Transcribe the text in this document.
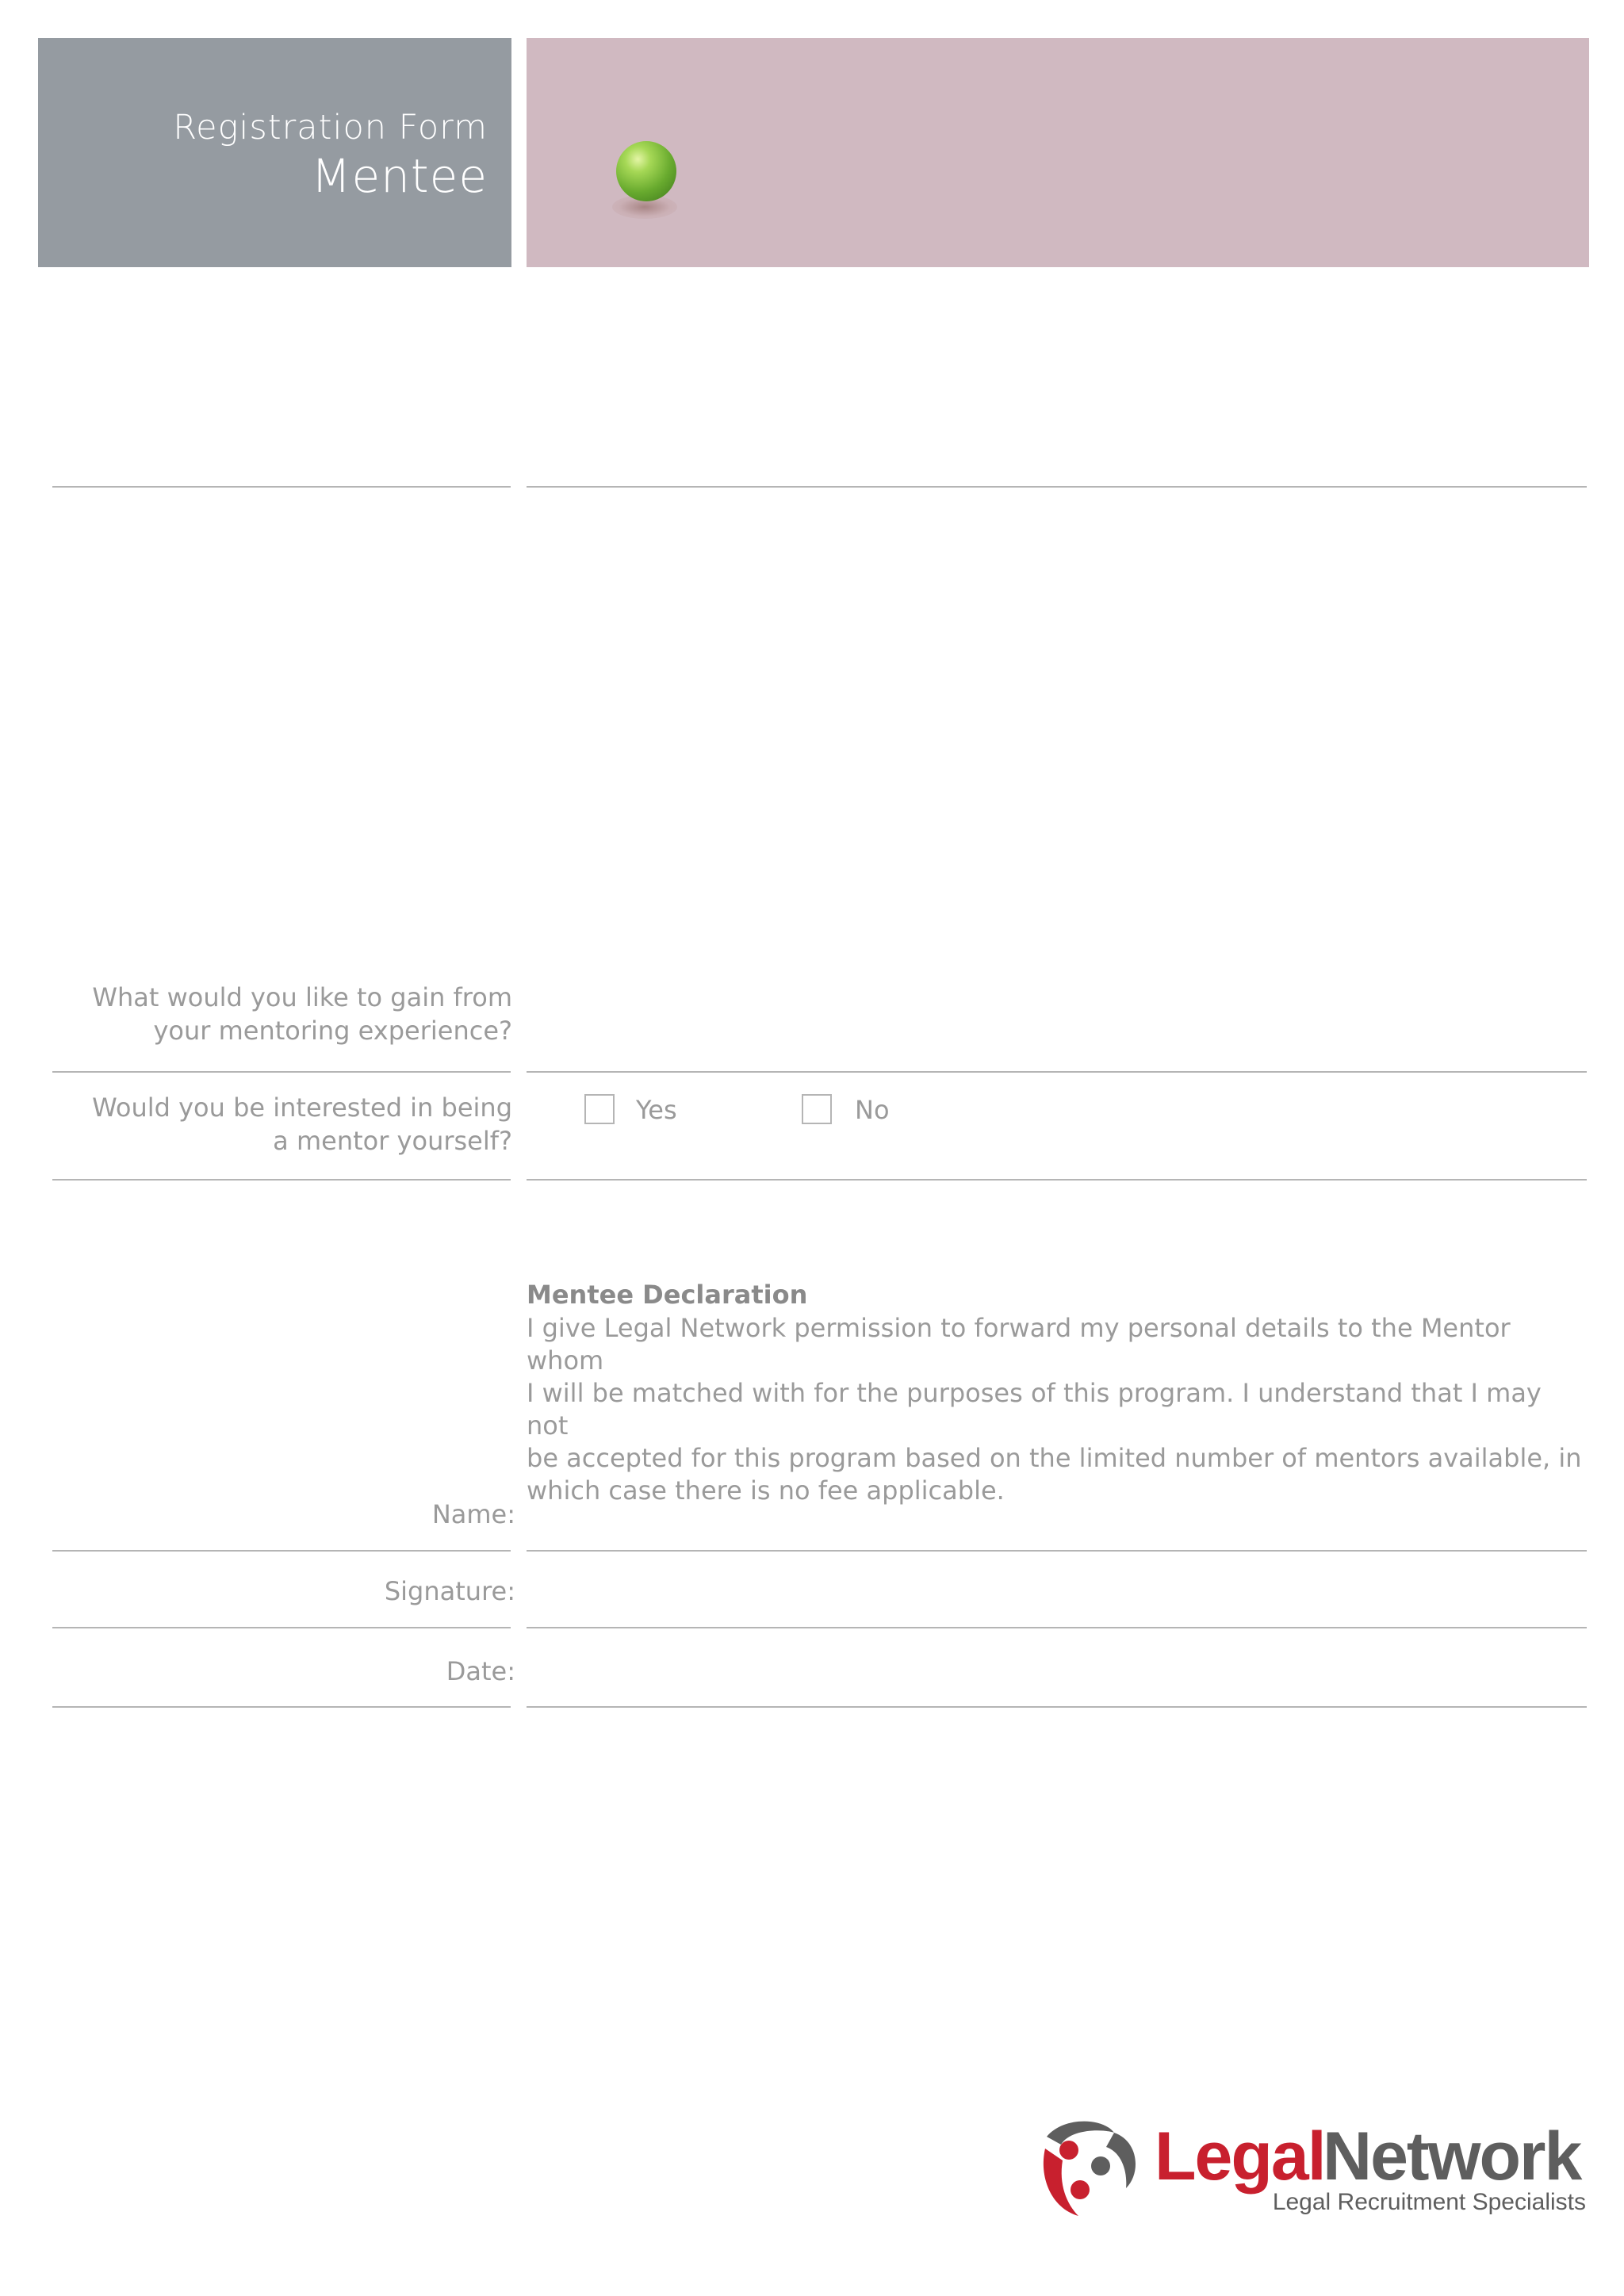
Registration Form
Mentee
What would you like to gain from
your mentoring experience?
Would you be interested in being
a mentor yourself?
Yes	No
Mentee Declaration
I give Legal Network permission to forward my personal details to the Mentor whom
I will be matched with for the purposes of this program. I understand that I may not
be accepted for this program based on the limited number of mentors available, in
which case there is no fee applicable.
Name:
Signature:
Date:
Legal
Network
Legal Recruitment Specialists
